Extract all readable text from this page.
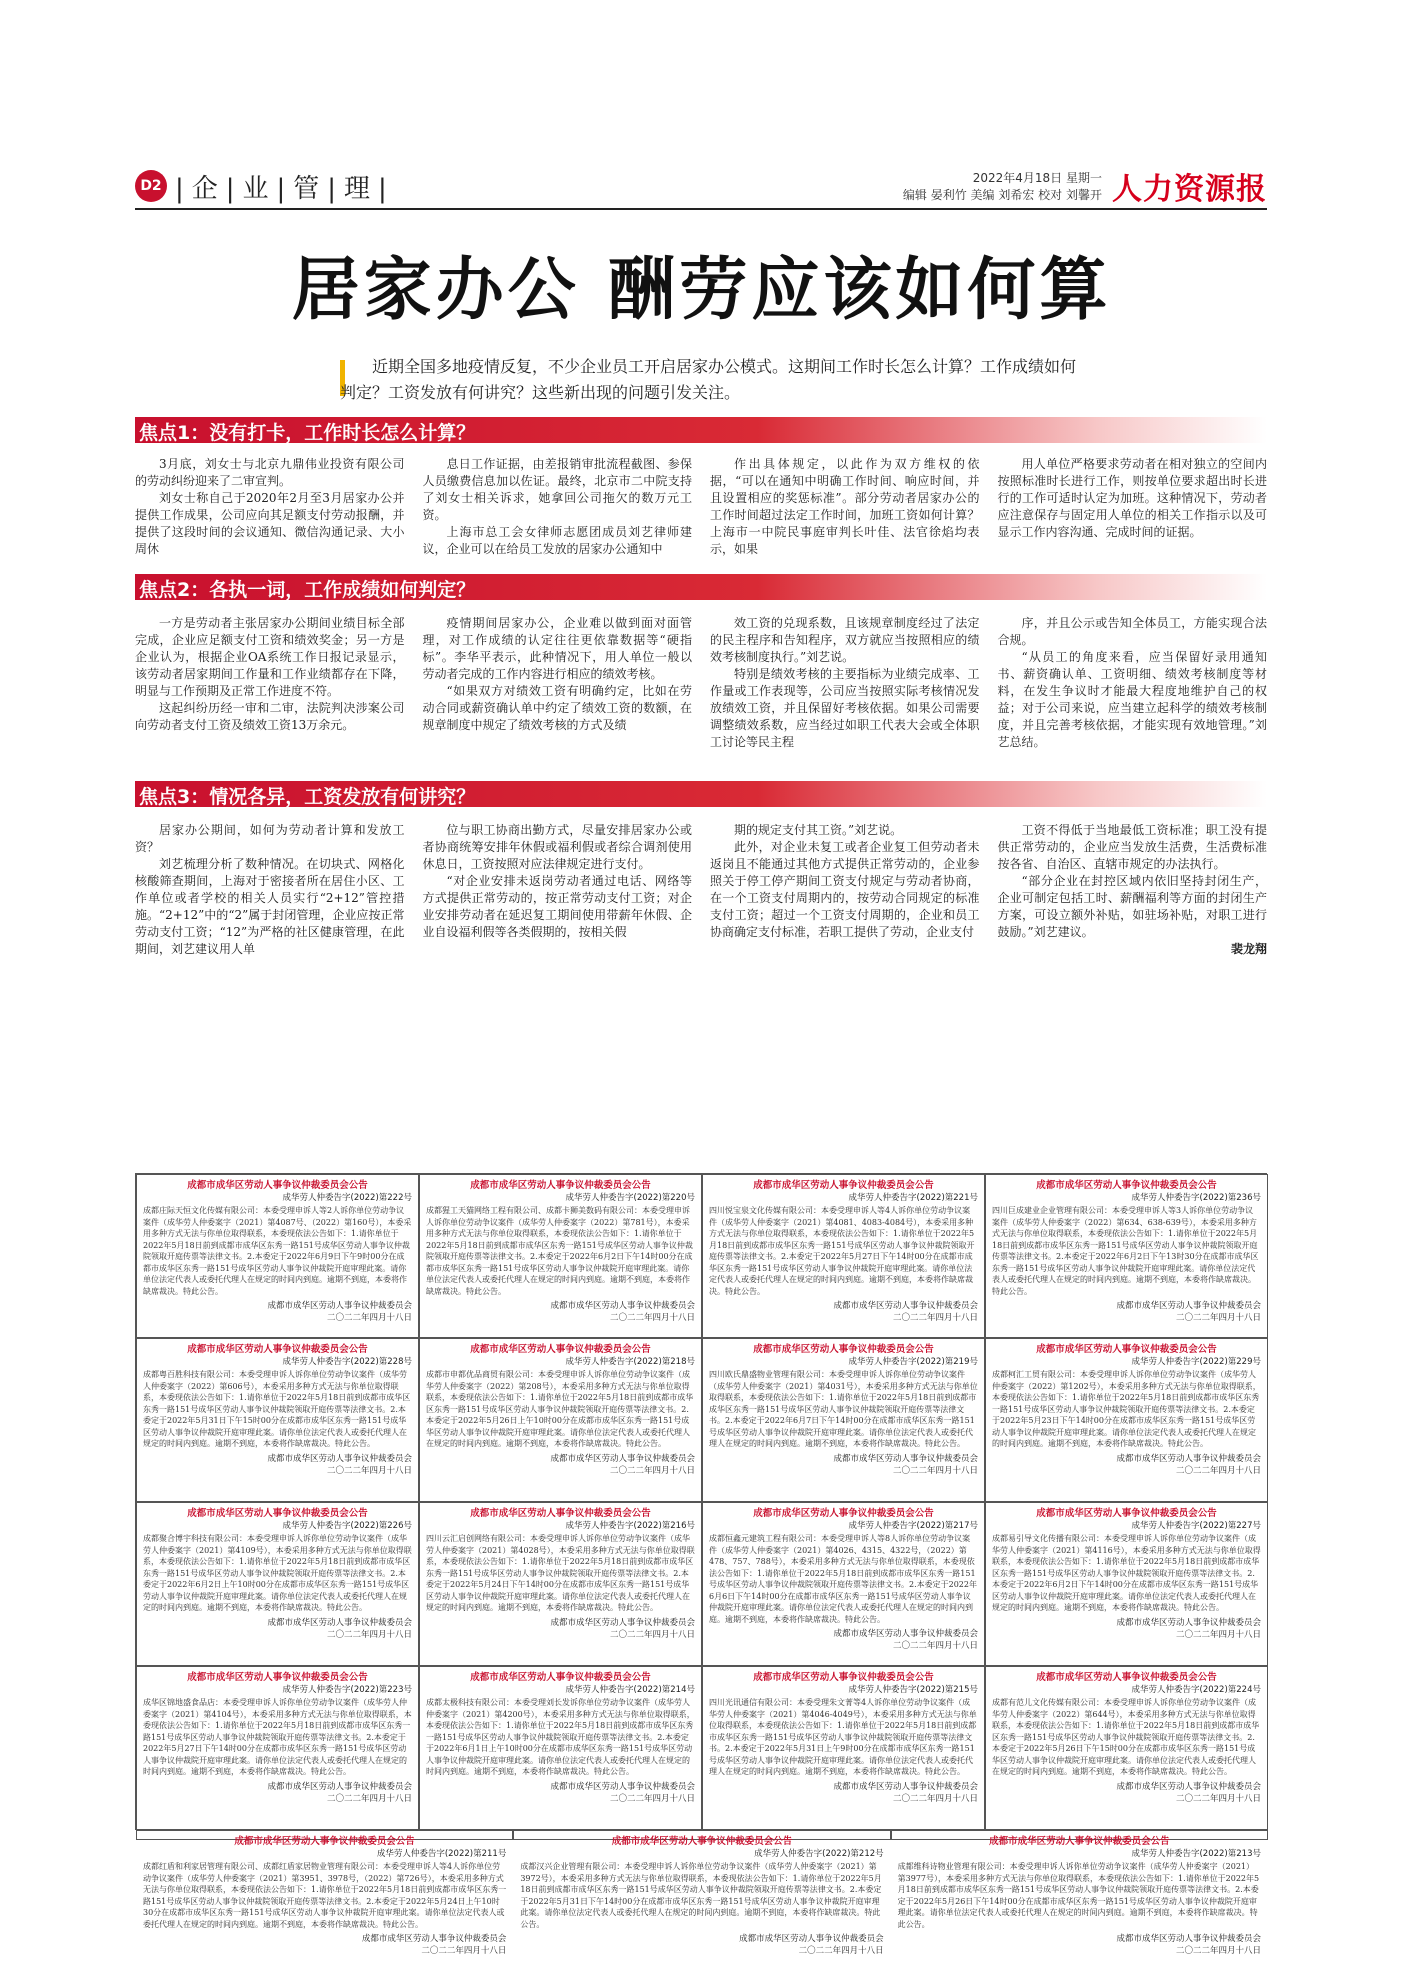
D2 |企|业|管|理|	2022年4月18日 星期一
编辑 晏利竹 美编 刘希宏 校对 刘馨开 人力资源报
居家办公 酬劳应该如何算

近期全国多地疫情反复，不少企业员工开启居家办公模式。这期间工作时长怎么计算？工作成绩如何判定？工资发放有何讲究？这些新出现的问题引发关注。

焦点1：没有打卡，工作时长怎么计算？

3月底，刘女士与北京九鼎伟业投资有限公司的劳动纠纷迎来了二审宣判。

刘女士称自己于2020年2月至3月居家办公并提供工作成果，公司应向其足额支付劳动报酬，并提供了这段时间的会议通知、微信沟通记录、大小周休

息日工作证据，由差报销审批流程截图、参保人员缴费信息加以佐证。最终，北京市二中院支持了刘女士相关诉求，她拿回公司拖欠的数万元工资。

上海市总工会女律师志愿团成员刘艺律师建议，企业可以在给员工发放的居家办公通知中

作出具体规定，以此作为双方维权的依据，“可以在通知中明确工作时间、响应时间，并且设置相应的奖惩标准”。部分劳动者居家办公的工作时间超过法定工作时间，加班工资如何计算？上海市一中院民事庭审判长叶佳、法官徐焰均表示，如果

用人单位严格要求劳动者在相对独立的空间内按照标准时长进行工作，则按单位要求超出时长进行的工作可适时认定为加班。这种情况下，劳动者应注意保存与固定用人单位的相关工作指示以及可显示工作内容沟通、完成时间的证据。

焦点2：各执一词，工作成绩如何判定？

一方是劳动者主张居家办公期间业绩目标全部完成，企业应足额支付工资和绩效奖金；另一方是企业认为，根据企业OA系统工作日报记录显示，该劳动者居家期间工作量和工作业绩都存在下降，明显与工作预期及正常工作进度不符。

这起纠纷历经一审和二审，法院判决涉案公司向劳动者支付工资及绩效工资13万余元。

疫情期间居家办公，企业难以做到面对面管理，对工作成绩的认定往往更依靠数据等“硬指标”。李华平表示，此种情况下，用人单位一般以劳动者完成的工作内容进行相应的绩效考核。

“如果双方对绩效工资有明确约定，比如在劳动合同或薪资确认单中约定了绩效工资的数额，在规章制度中规定了绩效考核的方式及绩

效工资的兑现系数，且该规章制度经过了法定的民主程序和告知程序，双方就应当按照相应的绩效考核制度执行。”刘艺说。

特别是绩效考核的主要指标为业绩完成率、工作量或工作表现等，公司应当按照实际考核情况发放绩效工资，并且保留好考核依据。如果公司需要调整绩效系数，应当经过如职工代表大会或全体职工讨论等民主程

序，并且公示或告知全体员工，方能实现合法合规。

“从员工的角度来看，应当保留好录用通知书、薪资确认单、工资明细、绩效考核制度等材料，在发生争议时才能最大程度地维护自己的权益；对于公司来说，应当建立起科学的绩效考核制度，并且完善考核依据，才能实现有效地管理。”刘艺总结。

焦点3：情况各异，工资发放有何讲究？

居家办公期间，如何为劳动者计算和发放工资？

刘艺梳理分析了数种情况。在切块式、网格化核酸筛查期间，上海对于密接者所在居住小区、工作单位或者学校的相关人员实行“2+12”管控措施。“2+12”中的“2”属于封闭管理，企业应按正常劳动支付工资；“12”为严格的社区健康管理，在此期间，刘艺建议用人单

位与职工协商出勤方式，尽量安排居家办公或者协商统筹安排年休假或福利假或者综合调剂使用休息日，工资按照对应法律规定进行支付。

“对企业安排未返岗劳动者通过电话、网络等方式提供正常劳动的，按正常劳动支付工资；对企业安排劳动者在延迟复工期间使用带薪年休假、企业自设福利假等各类假期的，按相关假

期的规定支付其工资。”刘艺说。

此外，对企业未复工或者企业复工但劳动者未返岗且不能通过其他方式提供正常劳动的，企业参照关于停工停产期间工资支付规定与劳动者协商，在一个工资支付周期内的，按劳动合同规定的标准支付工资；超过一个工资支付周期的，企业和员工协商确定支付标准，若职工提供了劳动，企业支付

工资不得低于当地最低工资标准；职工没有提供正常劳动的，企业应当发放生活费，生活费标准按各省、自治区、直辖市规定的办法执行。

“部分企业在封控区域内依旧坚持封闭生产，企业可制定包括工时、薪酬福利等方面的封闭生产方案，可设立额外补贴，如驻场补贴，对职工进行鼓励。”刘艺建议。

裴龙翔

成都市成华区劳动人事争议仲裁委员会公告
成华劳人仲委告字(2022)第222号
成都庄际天恒文化传媒有限公司：本委受理申诉人等2人诉你单位劳动争议案件（成华劳人仲委案字（2021）第4087号、（2022）第160号），本委采用多种方式无法与你单位取得联系，本委现依法公告如下：1.请你单位于2022年5月18日前到成都市成华区东秀一路151号成华区劳动人事争议仲裁院领取开庭传票等法律文书。2.本委定于2022年6月9日下午9时00分在成都市成华区东秀一路151号成华区劳动人事争议仲裁院开庭审理此案。请你单位法定代表人或委托代理人在规定的时间内到庭。逾期不到庭，本委将作缺席裁决。特此公告。
成都市成华区劳动人事争议仲裁委员会
二〇二二年四月十八日
成都市成华区劳动人事争议仲裁委员会公告
成华劳人仲委告字(2022)第220号
成都猩工天猫网络工程有限公司、成都卡狮美数码有限公司：本委受理申诉人诉你单位劳动争议案件（成华劳人仲委案字（2022）第781号），本委采用多种方式无法与你单位取得联系，本委现依法公告如下：1.请你单位于2022年5月18日前到成都市成华区东秀一路151号成华区劳动人事争议仲裁院领取开庭传票等法律文书。2.本委定于2022年6月2日下午14时00分在成都市成华区东秀一路151号成华区劳动人事争议仲裁院开庭审理此案。请你单位法定代表人或委托代理人在规定的时间内到庭。逾期不到庭，本委将作缺席裁决。特此公告。
成都市成华区劳动人事争议仲裁委员会
二〇二二年四月十八日
成都市成华区劳动人事争议仲裁委员会公告
成华劳人仲委告字(2022)第221号
四川悦宝泉文化传媒有限公司：本委受理申诉人等4人诉你单位劳动争议案件（成华劳人仲委案字（2021）第4081、4083-4084号），本委采用多种方式无法与你单位取得联系，本委现依法公告如下：1.请你单位于2022年5月18日前到成都市成华区东秀一路151号成华区劳动人事争议仲裁院领取开庭传票等法律文书。2.本委定于2022年5月27日下午14时00分在成都市成华区东秀一路151号成华区劳动人事争议仲裁院开庭审理此案。请你单位法定代表人或委托代理人在规定的时间内到庭。逾期不到庭，本委将作缺席裁决。特此公告。
成都市成华区劳动人事争议仲裁委员会
二〇二二年四月十八日
成都市成华区劳动人事争议仲裁委员会公告
成华劳人仲委告字(2022)第236号
四川巨成建业企业管理有限公司：本委受理申诉人等3人诉你单位劳动争议案件（成华劳人仲委案字（2022）第634、638-639号），本委采用多种方式无法与你单位取得联系，本委现依法公告如下：1.请你单位于2022年5月18日前到成都市成华区东秀一路151号成华区劳动人事争议仲裁院领取开庭传票等法律文书。2.本委定于2022年6月2日下午13时30分在成都市成华区东秀一路151号成华区劳动人事争议仲裁院开庭审理此案。请你单位法定代表人或委托代理人在规定的时间内到庭。逾期不到庭，本委将作缺席裁决。特此公告。
成都市成华区劳动人事争议仲裁委员会
二〇二二年四月十八日
成都市成华区劳动人事争议仲裁委员会公告
成华劳人仲委告字(2022)第228号
成都粤百胜科技有限公司：本委受理申诉人诉你单位劳动争议案件（成华劳人仲委案字（2022）第606号），本委采用多种方式无法与你单位取得联系，本委现依法公告如下：1.请你单位于2022年5月18日前到成都市成华区东秀一路151号成华区劳动人事争议仲裁院领取开庭传票等法律文书。2.本委定于2022年5月31日下午15时00分在成都市成华区东秀一路151号成华区劳动人事争议仲裁院开庭审理此案。请你单位法定代表人或委托代理人在规定的时间内到庭。逾期不到庭，本委将作缺席裁决。特此公告。
成都市成华区劳动人事争议仲裁委员会
二〇二二年四月十八日
成都市成华区劳动人事争议仲裁委员会公告
成华劳人仲委告字(2022)第218号
成都市申都优品商贸有限公司：本委受理申诉人诉你单位劳动争议案件（成华劳人仲委案字（2022）第208号），本委采用多种方式无法与你单位取得联系，本委现依法公告如下：1.请你单位于2022年5月18日前到成都市成华区东秀一路151号成华区劳动人事争议仲裁院领取开庭传票等法律文书。2.本委定于2022年5月26日上午10时00分在成都市成华区东秀一路151号成华区劳动人事争议仲裁院开庭审理此案。请你单位法定代表人或委托代理人在规定的时间内到庭。逾期不到庭，本委将作缺席裁决。特此公告。
成都市成华区劳动人事争议仲裁委员会
二〇二二年四月十八日
成都市成华区劳动人事争议仲裁委员会公告
成华劳人仲委告字(2022)第219号
四川欧氏鼎盛物业管理有限公司：本委受理申诉人诉你单位劳动争议案件（成华劳人仲委案字（2021）第4031号），本委采用多种方式无法与你单位取得联系，本委现依法公告如下：1.请你单位于2022年5月18日前到成都市成华区东秀一路151号成华区劳动人事争议仲裁院领取开庭传票等法律文书。2.本委定于2022年6月7日下午14时00分在成都市成华区东秀一路151号成华区劳动人事争议仲裁院开庭审理此案。请你单位法定代表人或委托代理人在规定的时间内到庭。逾期不到庭，本委将作缺席裁决。特此公告。
成都市成华区劳动人事争议仲裁委员会
二〇二二年四月十八日
成都市成华区劳动人事争议仲裁委员会公告
成华劳人仲委告字(2022)第229号
成都柯汇工贸有限公司：本委受理申诉人诉你单位劳动争议案件（成华劳人仲委案字（2022）第1202号），本委采用多种方式无法与你单位取得联系，本委现依法公告如下：1.请你单位于2022年5月18日前到成都市成华区东秀一路151号成华区劳动人事争议仲裁院领取开庭传票等法律文书。2.本委定于2022年5月23日下午14时00分在成都市成华区东秀一路151号成华区劳动人事争议仲裁院开庭审理此案。请你单位法定代表人或委托代理人在规定的时间内到庭。逾期不到庭，本委将作缺席裁决。特此公告。
成都市成华区劳动人事争议仲裁委员会
二〇二二年四月十八日
成都市成华区劳动人事争议仲裁委员会公告
成华劳人仲委告字(2022)第226号
成都聚合博宇科技有限公司：本委受理申诉人诉你单位劳动争议案件（成华劳人仲委案字（2021）第4109号），本委采用多种方式无法与你单位取得联系，本委现依法公告如下：1.请你单位于2022年5月18日前到成都市成华区东秀一路151号成华区劳动人事争议仲裁院领取开庭传票等法律文书。2.本委定于2022年6月2日上午10时00分在成都市成华区东秀一路151号成华区劳动人事争议仲裁院开庭审理此案。请你单位法定代表人或委托代理人在规定的时间内到庭。逾期不到庭，本委将作缺席裁决。特此公告。
成都市成华区劳动人事争议仲裁委员会
二〇二二年四月十八日
成都市成华区劳动人事争议仲裁委员会公告
成华劳人仲委告字(2022)第216号
四川云汇启创网络有限公司：本委受理申诉人诉你单位劳动争议案件（成华劳人仲委案字（2021）第4028号），本委采用多种方式无法与你单位取得联系，本委现依法公告如下：1.请你单位于2022年5月18日前到成都市成华区东秀一路151号成华区劳动人事争议仲裁院领取开庭传票等法律文书。2.本委定于2022年5月24日下午14时00分在成都市成华区东秀一路151号成华区劳动人事争议仲裁院开庭审理此案。请你单位法定代表人或委托代理人在规定的时间内到庭。逾期不到庭，本委将作缺席裁决。特此公告。
成都市成华区劳动人事争议仲裁委员会
二〇二二年四月十八日
成都市成华区劳动人事争议仲裁委员会公告
成华劳人仲委告字(2022)第217号
成都恒鑫元建筑工程有限公司：本委受理申诉人等8人诉你单位劳动争议案件（成华劳人仲委案字（2021）第4026、4315、4322号，（2022）第478、757、788号），本委采用多种方式无法与你单位取得联系，本委现依法公告如下：1.请你单位于2022年5月18日前到成都市成华区东秀一路151号成华区劳动人事争议仲裁院领取开庭传票等法律文书。2.本委定于2022年6月6日下午14时00分在成都市成华区东秀一路151号成华区劳动人事争议仲裁院开庭审理此案。请你单位法定代表人或委托代理人在规定的时间内到庭。逾期不到庭，本委将作缺席裁决。特此公告。
成都市成华区劳动人事争议仲裁委员会
二〇二二年四月十八日
成都市成华区劳动人事争议仲裁委员会公告
成华劳人仲委告字(2022)第227号
成都易引导文化传播有限公司：本委受理申诉人诉你单位劳动争议案件（成华劳人仲委案字（2021）第4116号），本委采用多种方式无法与你单位取得联系，本委现依法公告如下：1.请你单位于2022年5月18日前到成都市成华区东秀一路151号成华区劳动人事争议仲裁院领取开庭传票等法律文书。2.本委定于2022年6月2日下午14时00分在成都市成华区东秀一路151号成华区劳动人事争议仲裁院开庭审理此案。请你单位法定代表人或委托代理人在规定的时间内到庭。逾期不到庭，本委将作缺席裁决。特此公告。
成都市成华区劳动人事争议仲裁委员会
二〇二二年四月十八日
成都市成华区劳动人事争议仲裁委员会公告
成华劳人仲委告字(2022)第223号
成华区锦地盛食品店：本委受理申诉人诉你单位劳动争议案件（成华劳人仲委案字（2021）第4104号），本委采用多种方式无法与你单位取得联系，本委现依法公告如下：1.请你单位于2022年5月18日前到成都市成华区东秀一路151号成华区劳动人事争议仲裁院领取开庭传票等法律文书。2.本委定于2022年5月27日下午14时00分在成都市成华区东秀一路151号成华区劳动人事争议仲裁院开庭审理此案。请你单位法定代表人或委托代理人在规定的时间内到庭。逾期不到庭，本委将作缺席裁决。特此公告。
成都市成华区劳动人事争议仲裁委员会
二〇二二年四月十八日
成都市成华区劳动人事争议仲裁委员会公告
成华劳人仲委告字(2022)第214号
成都太极科技有限公司：本委受理刘长发诉你单位劳动争议案件（成华劳人仲委案字（2021）第4200号），本委采用多种方式无法与你单位取得联系，本委现依法公告如下：1.请你单位于2022年5月18日前到成都市成华区东秀一路151号成华区劳动人事争议仲裁院领取开庭传票等法律文书。2.本委定于2022年6月1日上午10时00分在成都市成华区东秀一路151号成华区劳动人事争议仲裁院开庭审理此案。请你单位法定代表人或委托代理人在规定的时间内到庭。逾期不到庭，本委将作缺席裁决。特此公告。
成都市成华区劳动人事争议仲裁委员会
二〇二二年四月十八日
成都市成华区劳动人事争议仲裁委员会公告
成华劳人仲委告字(2022)第215号
四川光讯通信有限公司：本委受理朱文菁等4人诉你单位劳动争议案件（成华劳人仲委案字（2021）第4046-4049号），本委采用多种方式无法与你单位取得联系，本委现依法公告如下：1.请你单位于2022年5月18日前到成都市成华区东秀一路151号成华区劳动人事争议仲裁院领取开庭传票等法律文书。2.本委定于2022年5月31日上午9时00分在成都市成华区东秀一路151号成华区劳动人事争议仲裁院开庭审理此案。请你单位法定代表人或委托代理人在规定的时间内到庭。逾期不到庭，本委将作缺席裁决。特此公告。
成都市成华区劳动人事争议仲裁委员会
二〇二二年四月十八日
成都市成华区劳动人事争议仲裁委员会公告
成华劳人仲委告字(2022)第224号
成都有范儿文化传媒有限公司：本委受理申诉人诉你单位劳动争议案件（成华劳人仲委案字（2022）第644号），本委采用多种方式无法与你单位取得联系，本委现依法公告如下：1.请你单位于2022年5月18日前到成都市成华区东秀一路151号成华区劳动人事争议仲裁院领取开庭传票等法律文书。2.本委定于2022年5月26日下午15时00分在成都市成华区东秀一路151号成华区劳动人事争议仲裁院开庭审理此案。请你单位法定代表人或委托代理人在规定的时间内到庭。逾期不到庭，本委将作缺席裁决。特此公告。
成都市成华区劳动人事争议仲裁委员会
二〇二二年四月十八日
成都市成华区劳动人事争议仲裁委员会公告
成华劳人仲委告字(2022)第211号
成都红盾和利家居管理有限公司、成都红盾家居物业管理有限公司：本委受理申诉人等4人诉你单位劳动争议案件（成华劳人仲委案字（2021）第3951、3978号，（2022）第726号），本委采用多种方式无法与你单位取得联系，本委现依法公告如下：1.请你单位于2022年5月18日前到成都市成华区东秀一路151号成华区劳动人事争议仲裁院领取开庭传票等法律文书。2.本委定于2022年5月24日上午10时30分在成都市成华区东秀一路151号成华区劳动人事争议仲裁院开庭审理此案。请你单位法定代表人或委托代理人在规定的时间内到庭。逾期不到庭，本委将作缺席裁决。特此公告。
成都市成华区劳动人事争议仲裁委员会
二〇二二年四月十八日
成都市成华区劳动人事争议仲裁委员会公告
成华劳人仲委告字(2022)第212号
成都汉兴企业管理有限公司：本委受理申诉人诉你单位劳动争议案件（成华劳人仲委案字（2021）第3972号），本委采用多种方式无法与你单位取得联系，本委现依法公告如下：1.请你单位于2022年5月18日前到成都市成华区东秀一路151号成华区劳动人事争议仲裁院领取开庭传票等法律文书。2.本委定于2022年5月31日下午14时00分在成都市成华区东秀一路151号成华区劳动人事争议仲裁院开庭审理此案。请你单位法定代表人或委托代理人在规定的时间内到庭。逾期不到庭，本委将作缺席裁决。特此公告。
成都市成华区劳动人事争议仲裁委员会
二〇二二年四月十八日
成都市成华区劳动人事争议仲裁委员会公告
成华劳人仲委告字(2022)第213号
成都维科诗物业管理有限公司：本委受理申诉人诉你单位劳动争议案件（成华劳人仲委案字（2021）第3977号），本委采用多种方式无法与你单位取得联系，本委现依法公告如下：1.请你单位于2022年5月18日前到成都市成华区东秀一路151号成华区劳动人事争议仲裁院领取开庭传票等法律文书。2.本委定于2022年5月26日下午14时00分在成都市成华区东秀一路151号成华区劳动人事争议仲裁院开庭审理此案。请你单位法定代表人或委托代理人在规定的时间内到庭。逾期不到庭，本委将作缺席裁决。特此公告。
成都市成华区劳动人事争议仲裁委员会
二〇二二年四月十八日
